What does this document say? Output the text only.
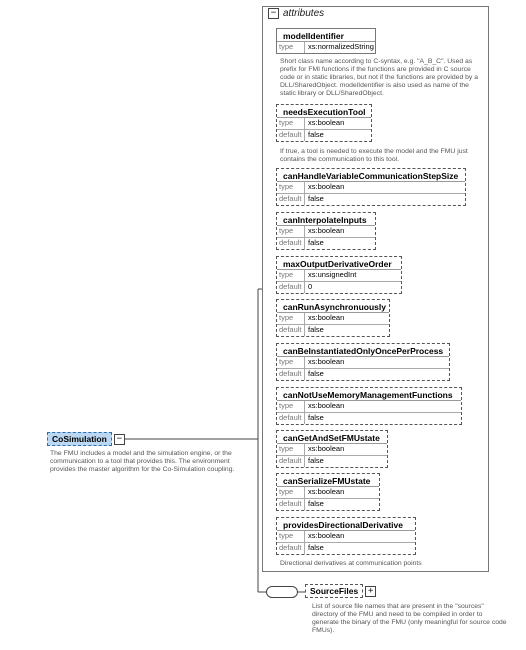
− attributes
modelIdentifier
type	xs:normalizedString
Short class name according to C-syntax, e.g. "A_B_C". Used as prefix for FMI functions if the functions are provided in C source code or in static libraries, but not if the functions are provided by a DLL/SharedObject. modelIdentifier is also used as name of the static library or DLL/SharedObject.
needsExecutionTool
type	xs:boolean
default false
If true, a tool is needed to execute the model and the FMU just contains the communication to this tool.
canHandleVariableCommunicationStepSize
type	xs:boolean
default false
canInterpolateInputs
type	xs:boolean
default false
maxOutputDerivativeOrder
type	xs:unsignedInt
default 0
canRunAsynchronuously
type	xs:boolean
default false
canBeInstantiatedOnlyOncePerProcess
type	xs:boolean
default false
canNotUseMemoryManagementFunctions
type	xs:boolean
default false
canGetAndSetFMUstate
type	xs:boolean
default false
canSerializeFMUstate
type	xs:boolean
default false
providesDirectionalDerivative
type	xs:boolean
default false
Directional derivatives at communication points
CoSimulation	−
The FMU includes a model and the simulation engine, or the communication to a tool that provides this. The environment provides the master algorithm for the Co-Simulation coupling.
SourceFiles	+
List of source file names that are present in the "sources" directory of the FMU and need to be compiled in order to generate the binary of the FMU (only meaningful for source code FMUs).
